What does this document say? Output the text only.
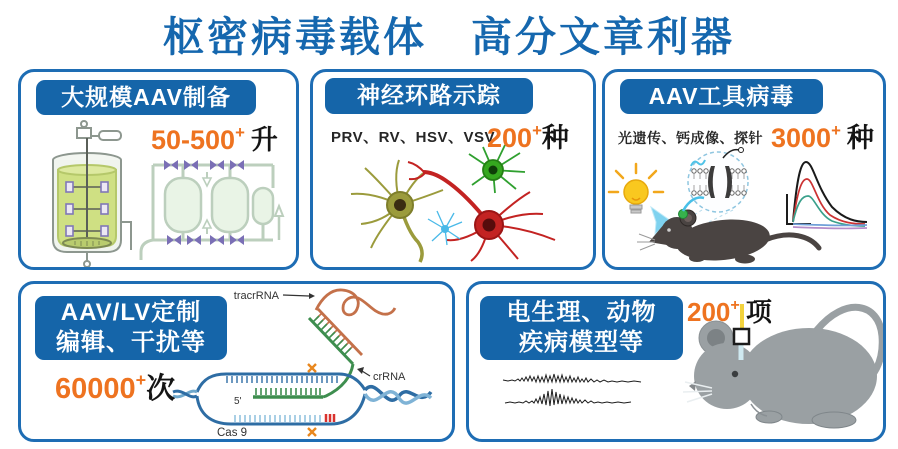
枢密病毒载体　高分文章利器
大规模AAV制备
50-500+ 升
神经环路示踪
PRV、RV、HSV、VSV
200+种
AAV工具病毒
光遗传、钙成像、探针 3000+ 种
AAV/LV定制
编辑、干扰等
60000+次
tracrRNA
crRNA
5'
Cas 9
电生理、动物
疾病模型等
200+ 项
